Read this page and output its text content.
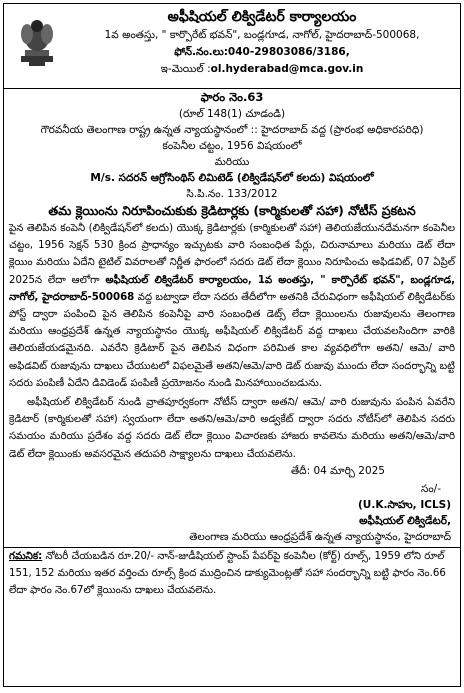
అఫీషియల్ లిక్విడేటర్ కార్యాలయం
1వ అంతస్తు, " కార్పొరేట్ భవన్", బండ్లగూడ, నాగోల్, హైదరాబాద్-500068,
ఫోన్.నం.లు:040-29803086/3186,
ఇ-మెయిల్ :ol.hyderabad@mca.gov.in
ఫారం నెం.63
(రూల్ 148(1) చూడండి)
గౌరవనీయ తెలంగాణ రాష్ట్ర ఉన్నత న్యాయస్థానంలో :: హైదరాబాద్ వద్ద (ప్రారంభ అధికారపరిధి)
కంపెనీల చట్టం, 1956 విషయంలో
మరియు
M/s. సదరన్ ఆగ్రోసింథిస్ లిమిటెడ్ (లిక్విడేషన్‌లో కలదు) విషయంలో
సి.పి.నం. 133/2012
తమ క్లెయిం‌ను నిరూపించుకుకు క్రెడిటార్లకు (కార్మికులతో సహా) నోటీస్ ప్రకటన
పైన తెలిపిన కంపెనీ (లిక్విడేషన్‌లో కలదు) యొక్క క్రెడిటార్లకు (కార్మికులతో సహా) తెలియజేయునదేమనగా కంపెనీల చట్టం, 1956 సెక్షన్ 530 క్రింద ప్రాధాన్యం ఇచ్చుటకు వారి సంబంధిత పేర్లు, చిరునామాలు మరియు డెట్ లేదా క్లెయిం మరియు ఏదేని టైటిల్ వివరాలతో నిర్ణీత ఫారంలో సదరు డెట్ లేదా క్లెయిం నిరూపించు అఫిడవిట్, 07 ఏప్రిల్ 2025న లేదా ఆలోగా అఫీషియల్ లిక్విడేటర్ కార్యాలయం, 1వ అంతస్తు, " కార్పొరేట్ భవన్", బండ్లగూడ, నాగోల్, హైదరాబాద్-500068 వద్ద బట్వాడా లేదా సదరు తేదీలోగా అతనికి చేరువిధంగా అఫీషియల్ లిక్విడేటర్‌కు పోస్ట్ ద్వారా పంపించి పైన తెలిపిన కంపెనీపై వారి సంబంధిత డెట్స్ లేదా క్లెయిం‌లను రుజువులను తెలంగాణ మరియు ఆంధ్రప్రదేశ్ ఉన్నత న్యాయస్థానం యొక్క అఫీషియల్ లిక్విడేటర్ వద్ద దాఖలు చేయవలసిందిగా వారికి తెలియజేయడమైనది. ఎవరేని క్రెడిటార్ పైన తెలిపిన విధంగా పరిమిత కాల వ్యవధిలోగా అతని/ ఆమె/ వారి అఫిడవిట్ రుజువును దాఖలు చేయుటలో విఫలమైతే అతని/ఆమె/వారి డెట్ రుజువు ముందు లేదా సందర్భాన్ని బట్టి సదరు పంపిణీ ఏదేని డివిడెండ్ పంపిణీ ప్రయోజనం నుండి మినహాయించబడును.
అఫీషియల్ లిక్విడేటర్ నుండి వ్రాతపూర్వకంగా నోటీస్ ద్వారా అతని/ ఆమె/ వారి రుజువును పంపిన ఏవరేని క్రెడిటార్ (కార్మికులతో సహా) స్వయంగా లేదా అతని/ఆమె/వారి అడ్వకేట్ ద్వారా సదరు నోటీస్‌లో తెలిపిన సదరు సమయం మరియు ప్రదేశం వద్ద సదరు డెట్ లేదా క్లెయిం విచారణకు హాజరు కావలెను మరియు అతని/ఆమె/వారి డెట్ లేదా క్లెయిం‌కు అవసరమైన తదుపరి సాక్ష్యాలను దాఖలు చేయవలెను.
తేదీ: 04 మార్చి 2025
సం/-
(U.K.సాహు, ICLS)
అఫీషియల్ లిక్విడేటర్,
తెలంగాణ మరియు ఆంధ్రప్రదేశ్ ఉన్నత న్యాయస్థానం, హైదరాబాద్
గమనిక: నోటరీ చేయబడిన రూ.20/- నాన్-జుడీషియల్ స్టాంప్ పేపర్‌పై కంపెనీల (కోర్ట్) రూల్స్, 1959 లోని రూల్ 151, 152 మరియు ఇతర వర్తించు రూల్స్ క్రింద ముద్రించిన డాక్యుమెంట్లతో సహా సందర్భాన్ని బట్టి ఫారం నెం.66 లేదా ఫారం నెం.67లో క్లెయిం‌ను దాఖలు చేయవలెను.
